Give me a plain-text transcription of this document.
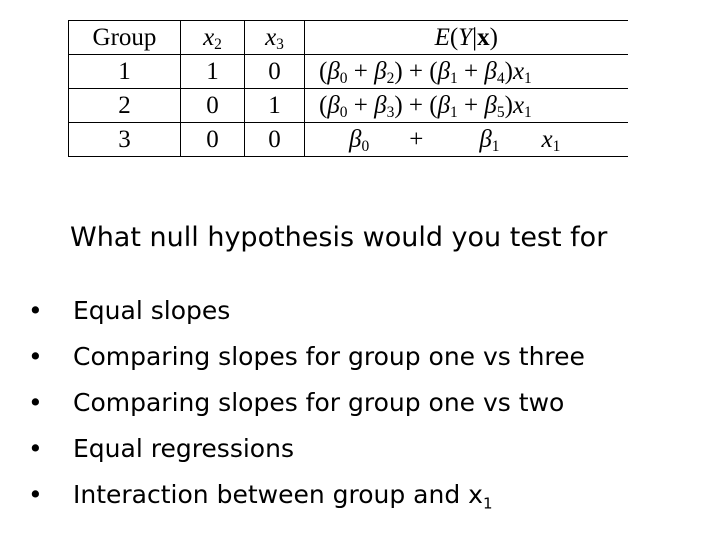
Group	$x_2$	$x_3$	E(Y|x)
1	1	0	$(\beta_0 + \beta_2) + (\beta_1 + \beta_4)x_1$
2	0	1	$(\beta_0 + \beta_3) + (\beta_1 + \beta_5)x_1$
3	0	0	$\beta_0 + \beta_1$ $x_1$
What null hypothesis would you test for
• Equal slopes
• Comparing slopes for group one vs three
• Comparing slopes for group one vs two
• Equal regressions
• Interaction between group and $x_1$
